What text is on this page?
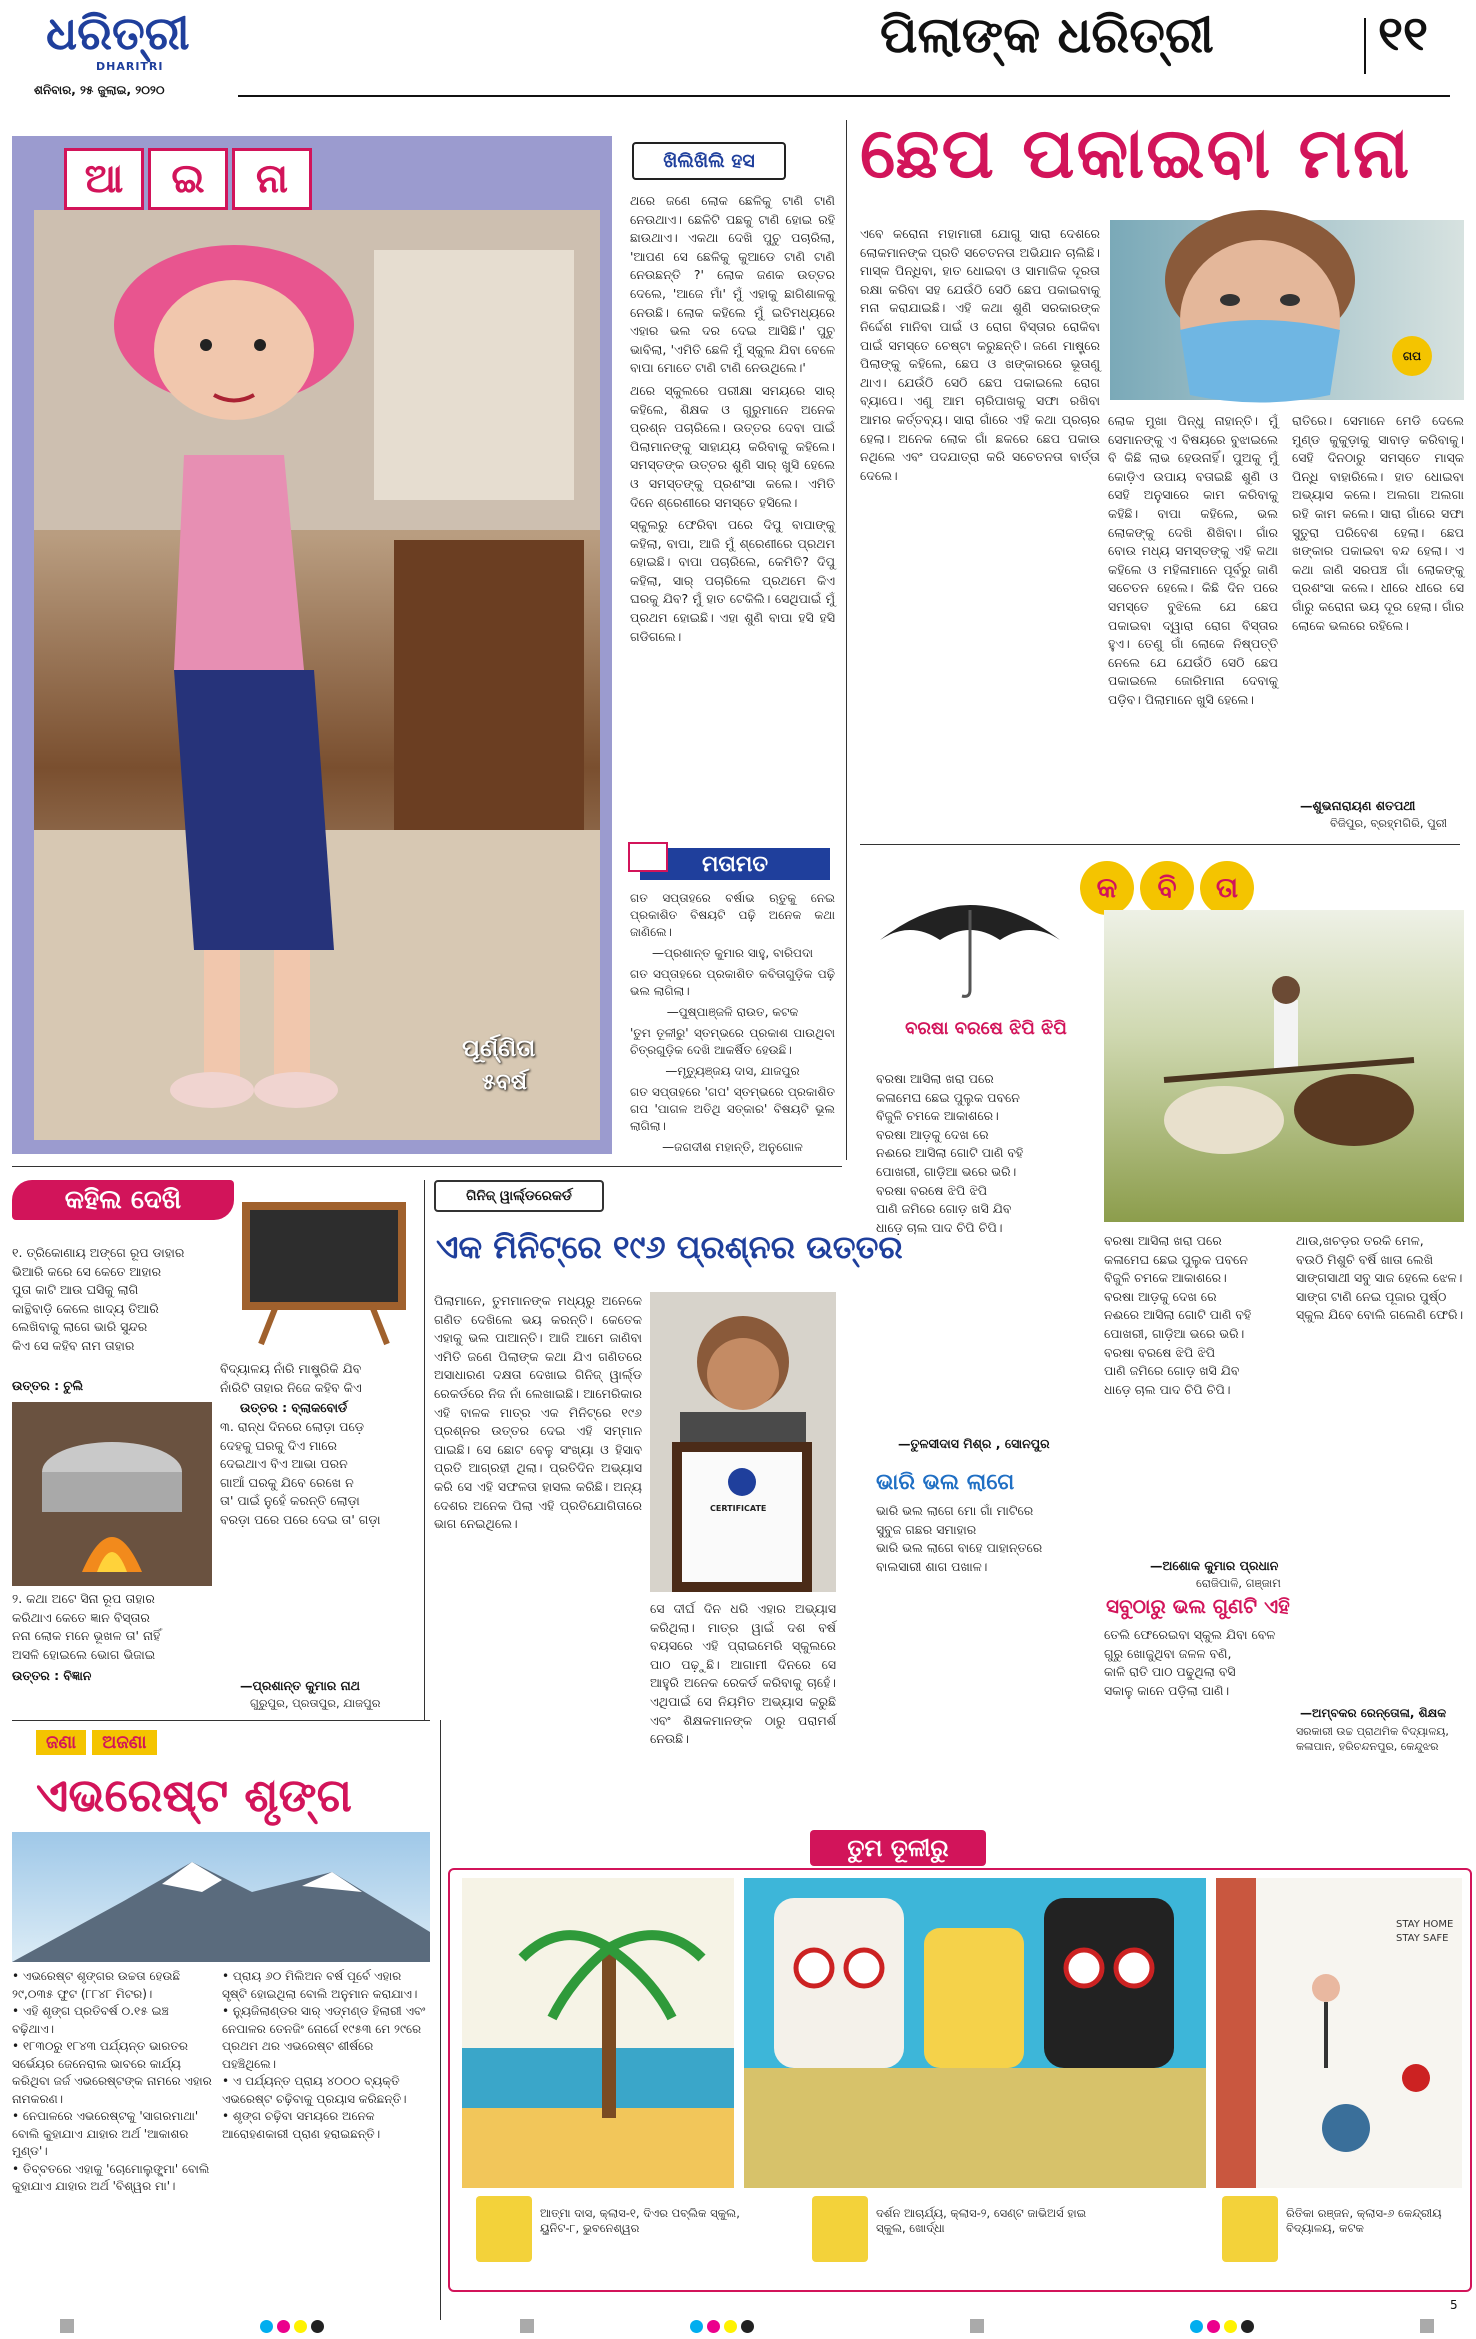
ଧରିତ୍ରୀ
DHARITRI
ଶନିବାର, ୨୫ ଜୁଲାଇ, ୨୦୨୦
ପିଲାଙ୍କ ଧରିତ୍ରୀ	୧୧
ଆ	ଇ	ନା
ପୂର୍ଣ୍ଣିତା
୫ବର୍ଷ
ଖିଲିଖିଲି ହସ

ଥରେ ଜଣେ ଲୋକ ଛେଳିକୁ ଟାଣି ଟାଣି ନେଉଥାଏ। ଛେଳିଟି ପଛକୁ ଟାଣି ହୋଇ ରହି ଛାଉଥାଏ। ଏକଥା ଦେଖି ପୁଚୁ ପଚାରିଲା, 'ଆପଣ ସେ ଛେଳିକୁ କୁଆଡେ ଟାଣି ଟାଣି ନେଉଛନ୍ତି ?' ଲୋକ ଜଣକ ଉତ୍ତର ଦେଲେ, 'ଆଜେ ମାଁ' ମୁଁ ଏହାକୁ ଛାଗିଶାଳକୁ ନେଉଛି। ଲୋକ କହିଲେ ମୁଁ ଇତିମଧ୍ୟରେ ଏହାର ଭଲ ଦର ଦେଇ ଆସିଛି।' ପୁଚୁ ଭାବିଲା, 'ଏମିତି ଛେଳି ମୁଁ ସ୍କୁଲ ଯିବା ବେଳେ ବାପା ମୋତେ ଟାଣି ଟାଣି ନେଉଥିଲେ।'

ଥରେ ସ୍କୁଲରେ ପରୀକ୍ଷା ସମୟରେ ସାର୍ କହିଲେ, ଶିକ୍ଷକ ଓ ଗୁରୁମାନେ ଅନେକ ପ୍ରଶ୍ନ ପଚାରିଲେ। ଉତ୍ତର ଦେବା ପାଇଁ ପିଲାମାନଙ୍କୁ ସାହାଯ୍ୟ କରିବାକୁ କହିଲେ। ସମସ୍ତଙ୍କ ଉତ୍ତର ଶୁଣି ସାର୍ ଖୁସି ହେଲେ ଓ ସମସ୍ତଙ୍କୁ ପ୍ରଶଂସା କଲେ। ଏମିତି ଦିନେ ଶ୍ରେଣୀରେ ସମସ୍ତେ ହସିଲେ।

ସ୍କୁଲରୁ ଫେରିବା ପରେ ଦିପୁ ବାପାଙ୍କୁ କହିଲା, ବାପା, ଆଜି ମୁଁ ଶ୍ରେଣୀରେ ପ୍ରଥମ ହୋଇଛି। ବାପା ପଚାରିଲେ, କେମିତି? ଦିପୁ କହିଲା, ସାର୍ ପଚାରିଲେ ପ୍ରଥମେ କିଏ ଘରକୁ ଯିବ? ମୁଁ ହାତ ଟେକିଲି। ସେଥିପାଇଁ ମୁଁ ପ୍ରଥମ ହୋଇଛି। ଏହା ଶୁଣି ବାପା ହସି ହସି ଗଡିଗଲେ।

ମତାମତ

ଗତ ସପ୍ତାହରେ ବର୍ଷାଭ ଋତୁକୁ ନେଇ ପ୍ରକାଶିତ ବିଷୟଟି ପଢ଼ି ଅନେକ କଥା ଜାଣିଲେ।

—ପ୍ରଶାନ୍ତ କୁମାର ସାହୁ, ବାରିପଦା

ଗତ ସପ୍ତାହରେ ପ୍ରକାଶିତ କବିତାଗୁଡ଼ିକ ପଢ଼ି ଭଲ ଲାଗିଲା।

—ପୁଷ୍ପାଞ୍ଜଳି ରାଉତ, କଟକ

'ତୁମ ତୂଳୀରୁ' ସ୍ତମ୍ଭରେ ପ୍ରକାଶ ପାଉଥିବା ଚିତ୍ରଗୁଡ଼ିକ ଦେଖି ଆକର୍ଷିତ ହେଉଛି।

—ମୃତ୍ୟୁଞ୍ଜୟ ଦାସ, ଯାଜପୁର

ଗତ ସପ୍ତାହରେ 'ଗପ' ସ୍ତମ୍ଭରେ ପ୍ରକାଶିତ ଗପ 'ପାଗଳ ଅତିଥି ସତ୍କାର' ବିଷୟଟି ଭୂଲ ଲାଗିଲା।

—ଜଗଦୀଶ ମହାନ୍ତି, ଅନୁଗୋଳ

ଛେପ ପକାଇବା ମନା
ଗପ
ଏବେ କରୋନା ମହାମାରୀ ଯୋଗୁ ସାରା ଦେଶରେ ଲୋକମାନଙ୍କ ପ୍ରତି ସଚେତନତା ଅଭିଯାନ ଚାଲିଛି। ମାସ୍କ ପିନ୍ଧିବା, ହାତ ଧୋଇବା ଓ ସାମାଜିକ ଦୂରତା ରକ୍ଷା କରିବା ସହ ଯେଉଁଠି ସେଠି ଛେପ ପକାଇବାକୁ ମନା କରାଯାଇଛି। ଏହି କଥା ଶୁଣି ସରକାରଙ୍କ ନିର୍ଦ୍ଦେଶ ମାନିବା ପାଇଁ ଓ ରୋଗ ବିସ୍ତାର ରୋକିବା ପାଇଁ ସମସ୍ତେ ଚେଷ୍ଟା କରୁଛନ୍ତି। ଜଣେ ମାଷ୍ଟ୍ରେ ପିଲାଙ୍କୁ କହିଲେ, ଛେପ ଓ ଖଙ୍କାରରେ ଭୂତାଣୁ ଥାଏ। ଯେଉଁଠି ସେଠି ଛେପ ପକାଇଲେ ରୋଗ ବ୍ୟାପେ। ଏଣୁ ଆମ ଚାରିପାଖକୁ ସଫା ରଖିବା ଆମର କର୍ତ୍ତବ୍ୟ। ସାରା ଗାଁରେ ଏହି କଥା ପ୍ରଚାର ହେଲା। ଅନେକ ଲୋକ ଗାଁ ଛକରେ ଛେପ ପକାଉ ନଥିଲେ ଏବଂ ପଦଯାତ୍ରା କରି ସଚେତନତା ବାର୍ତ୍ତା ଦେଲେ।
ଲୋକ ମୁଖା ପିନ୍ଧୁ ନାହାନ୍ତି। ମୁଁ ସେମାନଙ୍କୁ ଏ ବିଷୟରେ ବୁଝାଇଲେ ବି କିଛି ଲାଭ ହେଉନାହିଁ। ପୁଅକୁ ମୁଁ କୋଡ଼ିଏ ଉପାୟ ବତାଇଛି ଶୁଣି ଓ ସେହି ଅନୁସାରେ କାମ କରିବାକୁ କହିଛି। ବାପା କହିଲେ, ଭଲ ଲୋକଙ୍କୁ ଦେଖି ଶିଖିବା। ଗାଁର ବୋଉ ମଧ୍ୟ ସମସ୍ତଙ୍କୁ ଏହି କଥା କହିଲେ ଓ ମହିଳାମାନେ ପୂର୍ବରୁ ଜାଣି ସଚେତନ ହେଲେ। କିଛି ଦିନ ପରେ ସମସ୍ତେ ବୁଝିଲେ ଯେ ଛେପ ପକାଇବା ଦ୍ୱାରା ରୋଗ ବିସ୍ତାର ହୁଏ। ତେଣୁ ଗାଁ ଲୋକେ ନିଷ୍ପତ୍ତି ନେଲେ ଯେ ଯେଉଁଠି ସେଠି ଛେପ ପକାଇଲେ ଜୋରିମାନା ଦେବାକୁ ପଡ଼ିବ। ପିଲାମାନେ ଖୁସି ହେଲେ।
ରାତିରେ। ସେମାନେ ମେଡି ଦେଲେ ମୁଣ୍ଡ କୁକୁଡ଼ାକୁ ସାବାଡ଼ କରିବାକୁ। ସେହି ଦିନଠାରୁ ସମସ୍ତେ ମାସ୍କ ପିନ୍ଧି ବାହାରିଲେ। ହାତ ଧୋଇବା ଅଭ୍ୟାସ କଲେ। ଅଲଗା ଅଲଗା ରହି କାମ କଲେ। ସାରା ଗାଁରେ ସଫା ସୁତୁରା ପରିବେଶ ହେଲା। ଛେପ ଖଙ୍କାର ପକାଇବା ବନ୍ଦ ହେଲା। ଏ କଥା ଜାଣି ସରପଞ୍ଚ ଗାଁ ଲୋକଙ୍କୁ ପ୍ରଶଂସା କଲେ। ଧୀରେ ଧୀରେ ସେ ଗାଁରୁ କରୋନା ଭୟ ଦୂର ହେଲା। ଗାଁର ଲୋକେ ଭଲରେ ରହିଲେ।
—ଶୁଭନାରାୟଣ ଶତପଥୀ
ବିଜିପୁର, ବ୍ରହ୍ମଗିରି, ପୁରୀ
କ	ବି	ତା
ବରଷା ବରଷେ ଝିପି ଝିପି
ବରଷା ଆସିଲା ଖରା ପରେ
କଳାମେଘ ଛେଇ ପୁଲୁକ ପବନେ
ବିଜୁଳି ଚମକେ ଆକାଶରେ।
ବରଷା ଆଡ଼କୁ ଦେଖ ରେ
ନଈରେ ଆସିଲା ଗୋଟି ପାଣି ବହି
ପୋଖରୀ, ଗାଡ଼ିଆ ଭରେ ଭରି।
ବରଷା ବରଷେ ଝିପି ଝିପି
ପାଣି ଜମିରେ ଗୋଡ଼ ଖସି ଯିବ
ଧାଡ଼େ ଚାଲ ପାଦ ଚିପି ଚିପି।
—ତୁଳସୀଦାସ ମିଶ୍ର , ସୋନପୁର
ଭାରି ଭଲ ଲାଗେ
ଭାରି ଭଲ ଲାଗେ ମୋ ଗାଁ ମାଟିରେ
ସୁବୁଜ ଗଛର ସମାହାର
ଭାରି ଭଲ ଲାଗେ ବାହେ ପାହାନ୍ତରେ
ବାଲସାରୀ ଶାଗ ପଖାଳ।
ବରଷା ଆସିଲା ଖରା ପରେ
କଳାମେଘ ଛେଇ ପୁଲୁକ ପବନେ
ବିଜୁଳି ଚମକେ ଆକାଶରେ।
ବରଷା ଆଡ଼କୁ ଦେଖ ରେ
ନଈରେ ଆସିଲା ଗୋଟି ପାଣି ବହି
ପୋଖରୀ, ଗାଡ଼ିଆ ଭରେ ଭରି।
ବରଷା ବରଷେ ଝିପି ଝିପି
ପାଣି ଜମିରେ ଗୋଡ଼ ଖସି ଯିବ
ଧାଡ଼େ ଚାଲ ପାଦ ଚିପି ଚିପି।
—ଅଶୋକ କୁମାର ପ୍ରଧାନ
ରୋଜିପାଳି, ଗଞ୍ଜାମ
ସବୁଠାରୁ ଭଲ ଗୁଣଟି ଏହି
ତେଲି ଫେରେଇବା ସ୍କୁଲ ଯିବା ବେଳ
ଗୁରୁ ଖୋଜୁଥିବା ଜଳଳ ବଣି,
କାଳି ରାତି ପାଠ ପଢୁଥିଲା ବସି
ସକାଳୁ କାନେ ପଡ଼ିଲା ପାଣି।
ଥାଉ,ଖଚଡ଼ର ତରକି ମେଳ,
ବଉଠି ମିଶୁଚି ବର୍ଷି ଖାତା ଲେଖି
ସାଙ୍ଗସାଥୀ ସବୁ ସାଜ ହେଲେ ଝେଳ।
ସାଙ୍ଗ ଟାଣି ନେଇ ପୂଜାର ପୁର୍ଷ୍ଠ
ସ୍କୁଲ ଯିବେ ବୋଲି ଗଲେଣି ଫେରି।
—ଅମ୍ବକର ରେନ୍ତୋଳା, ଶିକ୍ଷକ
ସରକାରୀ ଉଚ୍ଚ ପ୍ରାଥମିକ ବିଦ୍ୟାଳୟ, କଳାପାନ, ହରିଚନ୍ଦନପୁର, କେନ୍ଦୁଝର
କହିଲ ଦେଖି
୧. ତ୍ରିକୋଣାୟ ଅଙ୍ଗେ ରୂପ ଡାହାର
ଭିଆରି କରେ ସେ କେତେ ଆହାର
ପୁତା କାଟି ଆଉ ଘସିକୁ ଲାଗି
କାନ୍ଥିବାଡ଼ି କେଲେ ଖାଦ୍ୟ ତିଆରି
ଲେଖିବାକୁ ଲାଗେ ଭାରି ସୁନ୍ଦର
କିଏ ସେ କହିବ ନାମ ତାହାର
ଉତ୍ତର : ଚୁଲି
ବିଦ୍ୟାଳୟ ନାଁରି ମାଷ୍ଟ୍ରିକି ଯିବ
ନାଁରିଟି ତାହାର ନିଜେ କହିବ କିଏ
ଉତ୍ତର : ବ୍ଲାକବୋର୍ଡ
୩. ରାନ୍ଧ ଦିନରେ ଲୋଡ଼ା ପଡ଼େ
ଦେହକୁ ଘରକୁ ଦିଏ ମାରେ
ଦେଇଥାଏ ବିଏ ଆଭା ପରନ
ଗାଆଁ ଘରକୁ ଯିବେ ରେଖେ ନ
ତା' ପାଇଁ ନୁହେଁ କରନ୍ତି ଲୋଡ଼ା
ବରଡ଼ା ପରେ ପରେ ଦେଇ ତା' ଗଡ଼ା
୨. କଥା ଅଟେ ସିନା ରୂପ ତାହାର
କରିଥାଏ କେତେ ଜ୍ଞାନ ବିସ୍ତାର
ନନା ଲୋକ ମନେ ଭୂଖଳ ତା' ନାହିଁ
ଅସଳି ହୋଇଲେ ଭୋଗ ଭିଜାଇ
ଉତ୍ତର : ବିଜ୍ଞାନ
—ପ୍ରଶାନ୍ତ କୁମାର ନାଥ
ଗୁରୁପୁର, ପ୍ରତାପୁର, ଯାଜପୁର
ଗିନିଜ୍ ୱାର୍ଲ୍ଡରେକର୍ଡ
ଏକ ମିନିଟ୍‌ରେ ୧୯୬ ପ୍ରଶ୍ନର ଉତ୍ତର
ପିଲାମାନେ, ତୁମମାନଙ୍କ ମଧ୍ୟରୁ ଅନେକେ ଗଣିତ ଦେଖିଲେ ଭୟ କରନ୍ତି। କେତେକ ଏହାକୁ ଭଲ ପାଆନ୍ତି। ଆଜି ଆମେ ଜାଣିବା ଏମିତି ଜଣେ ପିଲାଙ୍କ କଥା ଯିଏ ଗଣିତରେ ଅସାଧାରଣ ଦକ୍ଷତା ଦେଖାଇ ଗିନିଜ୍ ୱାର୍ଲ୍ଡ ରେକର୍ଡରେ ନିଜ ନାଁ ଲେଖାଇଛି। ଆମେରିକାର ଏହି ବାଳକ ମାତ୍ର ଏକ ମିନିଟ୍‌ରେ ୧୯୬ ପ୍ରଶ୍ନର ଉତ୍ତର ଦେଇ ଏହି ସମ୍ମାନ ପାଇଛି। ସେ ଛୋଟ ବେଳୁ ସଂଖ୍ୟା ଓ ହିସାବ ପ୍ରତି ଆଗ୍ରହୀ ଥିଲା। ପ୍ରତିଦିନ ଅଭ୍ୟାସ କରି ସେ ଏହି ସଫଳତା ହାସଲ କରିଛି। ଅନ୍ୟ ଦେଶର ଅନେକ ପିଲା ଏହି ପ୍ରତିଯୋଗିତାରେ ଭାଗ ନେଇଥିଲେ।
CERTIFICATE
ସେ ଦୀର୍ଘ ଦିନ ଧରି ଏହାର ଅଭ୍ୟାସ କରିଥିଲା। ମାତ୍ର ୱାଇଁ ଦଶ ବର୍ଷ ବୟସରେ ଏହି ପ୍ରାଇମେରି ସ୍କୁଲରେ ପାଠ ପଢ଼ୁଛି। ଆଗାମୀ ଦିନରେ ସେ ଆହୁରି ଅନେକ ରେକର୍ଡ କରିବାକୁ ଚାହେଁ। ଏଥିପାଇଁ ସେ ନିୟମିତ ଅଭ୍ୟାସ କରୁଛି ଏବଂ ଶିକ୍ଷକମାନଙ୍କ ଠାରୁ ପରାମର୍ଶ ନେଉଛି।
ଜଣା	ଅଜଣା
ଏଭରେଷ୍ଟ ଶୃଙ୍ଗ
• ଏଭରେଷ୍ଟ ଶୃଙ୍ଗର ଉଚ୍ଚତା ହେଉଛି ୨୯,୦୩୫ ଫୁଟ (୮୮୪୮ ମିଟର)।
• ଏହି ଶୃଙ୍ଗ ପ୍ରତିବର୍ଷ ୦.୧୫ ଇଞ୍ଚ ବଢ଼ିଥାଏ।
• ୧୮୩୦ରୁ ୧୮୪୩ ପର୍ଯ୍ୟନ୍ତ ଭାରତର ସର୍ଭେୟର ଜେନେରାଲ ଭାବରେ କାର୍ଯ୍ୟ କରିଥିବା ଜର୍ଜ ଏଭରେଷ୍ଟଙ୍କ ନାମରେ ଏହାର ନାମକରଣ।
• ନେପାଳରେ ଏଭରେଷ୍ଟକୁ 'ସାଗରମାଥା' ବୋଲି କୁହାଯାଏ ଯାହାର ଅର୍ଥ 'ଆକାଶର ମୁଣ୍ଡ'।
• ତିବ୍ବତରେ ଏହାକୁ 'ଚୋମୋଲୁଙ୍ଗ୍ମା' ବୋଲି କୁହାଯାଏ ଯାହାର ଅର୍ଥ 'ବିଶ୍ୱର ମା'।
• ପ୍ରାୟ ୬୦ ମିଲିଅନ ବର୍ଷ ପୂର୍ବେ ଏହାର ସୃଷ୍ଟି ହୋଇଥିଲା ବୋଲି ଅନୁମାନ କରାଯାଏ।
• ନ୍ୟୁଜିଲାଣ୍ଡର ସାର୍ ଏଡ୍‌ମଣ୍ଡ ହିଲାରୀ ଏବଂ ନେପାଳର ତେନଜିଂ ନୋର୍ଗେ ୧୯୫୩ ମେ ୨୯ରେ ପ୍ରଥମ ଥର ଏଭରେଷ୍ଟ ଶୀର୍ଷରେ ପହଞ୍ଚିଥିଲେ।
• ଏ ପର୍ଯ୍ୟନ୍ତ ପ୍ରାୟ ୪୦୦୦ ବ୍ୟକ୍ତି ଏଭରେଷ୍ଟ ଚଢ଼ିବାକୁ ପ୍ରୟାସ କରିଛନ୍ତି।
• ଶୃଙ୍ଗ ଚଢ଼ିବା ସମୟରେ ଅନେକ ଆରୋହଣକାରୀ ପ୍ରାଣ ହରାଇଛନ୍ତି।
ତୁମ ତୂଳୀରୁ
STAY HOME STAY SAFE
ଆତ୍ମା ଦାସ, କ୍ଲାସ-୧, ଦିଏର ପବ୍ଲିକ ସ୍କୁଲ, ୟୁନିଟ-୮, ଭୁବନେଶ୍ୱର
ଦର୍ଶନ ଆଚାର୍ଯ୍ୟ, କ୍ଲାସ-୨, ସେଣ୍ଟ ଜାଭିଅର୍ସ ହାଇ ସ୍କୁଲ, ଖୋର୍ଦ୍ଧା
ରିତିକା ରଞ୍ଜନ, କ୍ଲାସ-୬ କେନ୍ଦ୍ରୀୟ ବିଦ୍ୟାଳୟ, କଟକ
5
